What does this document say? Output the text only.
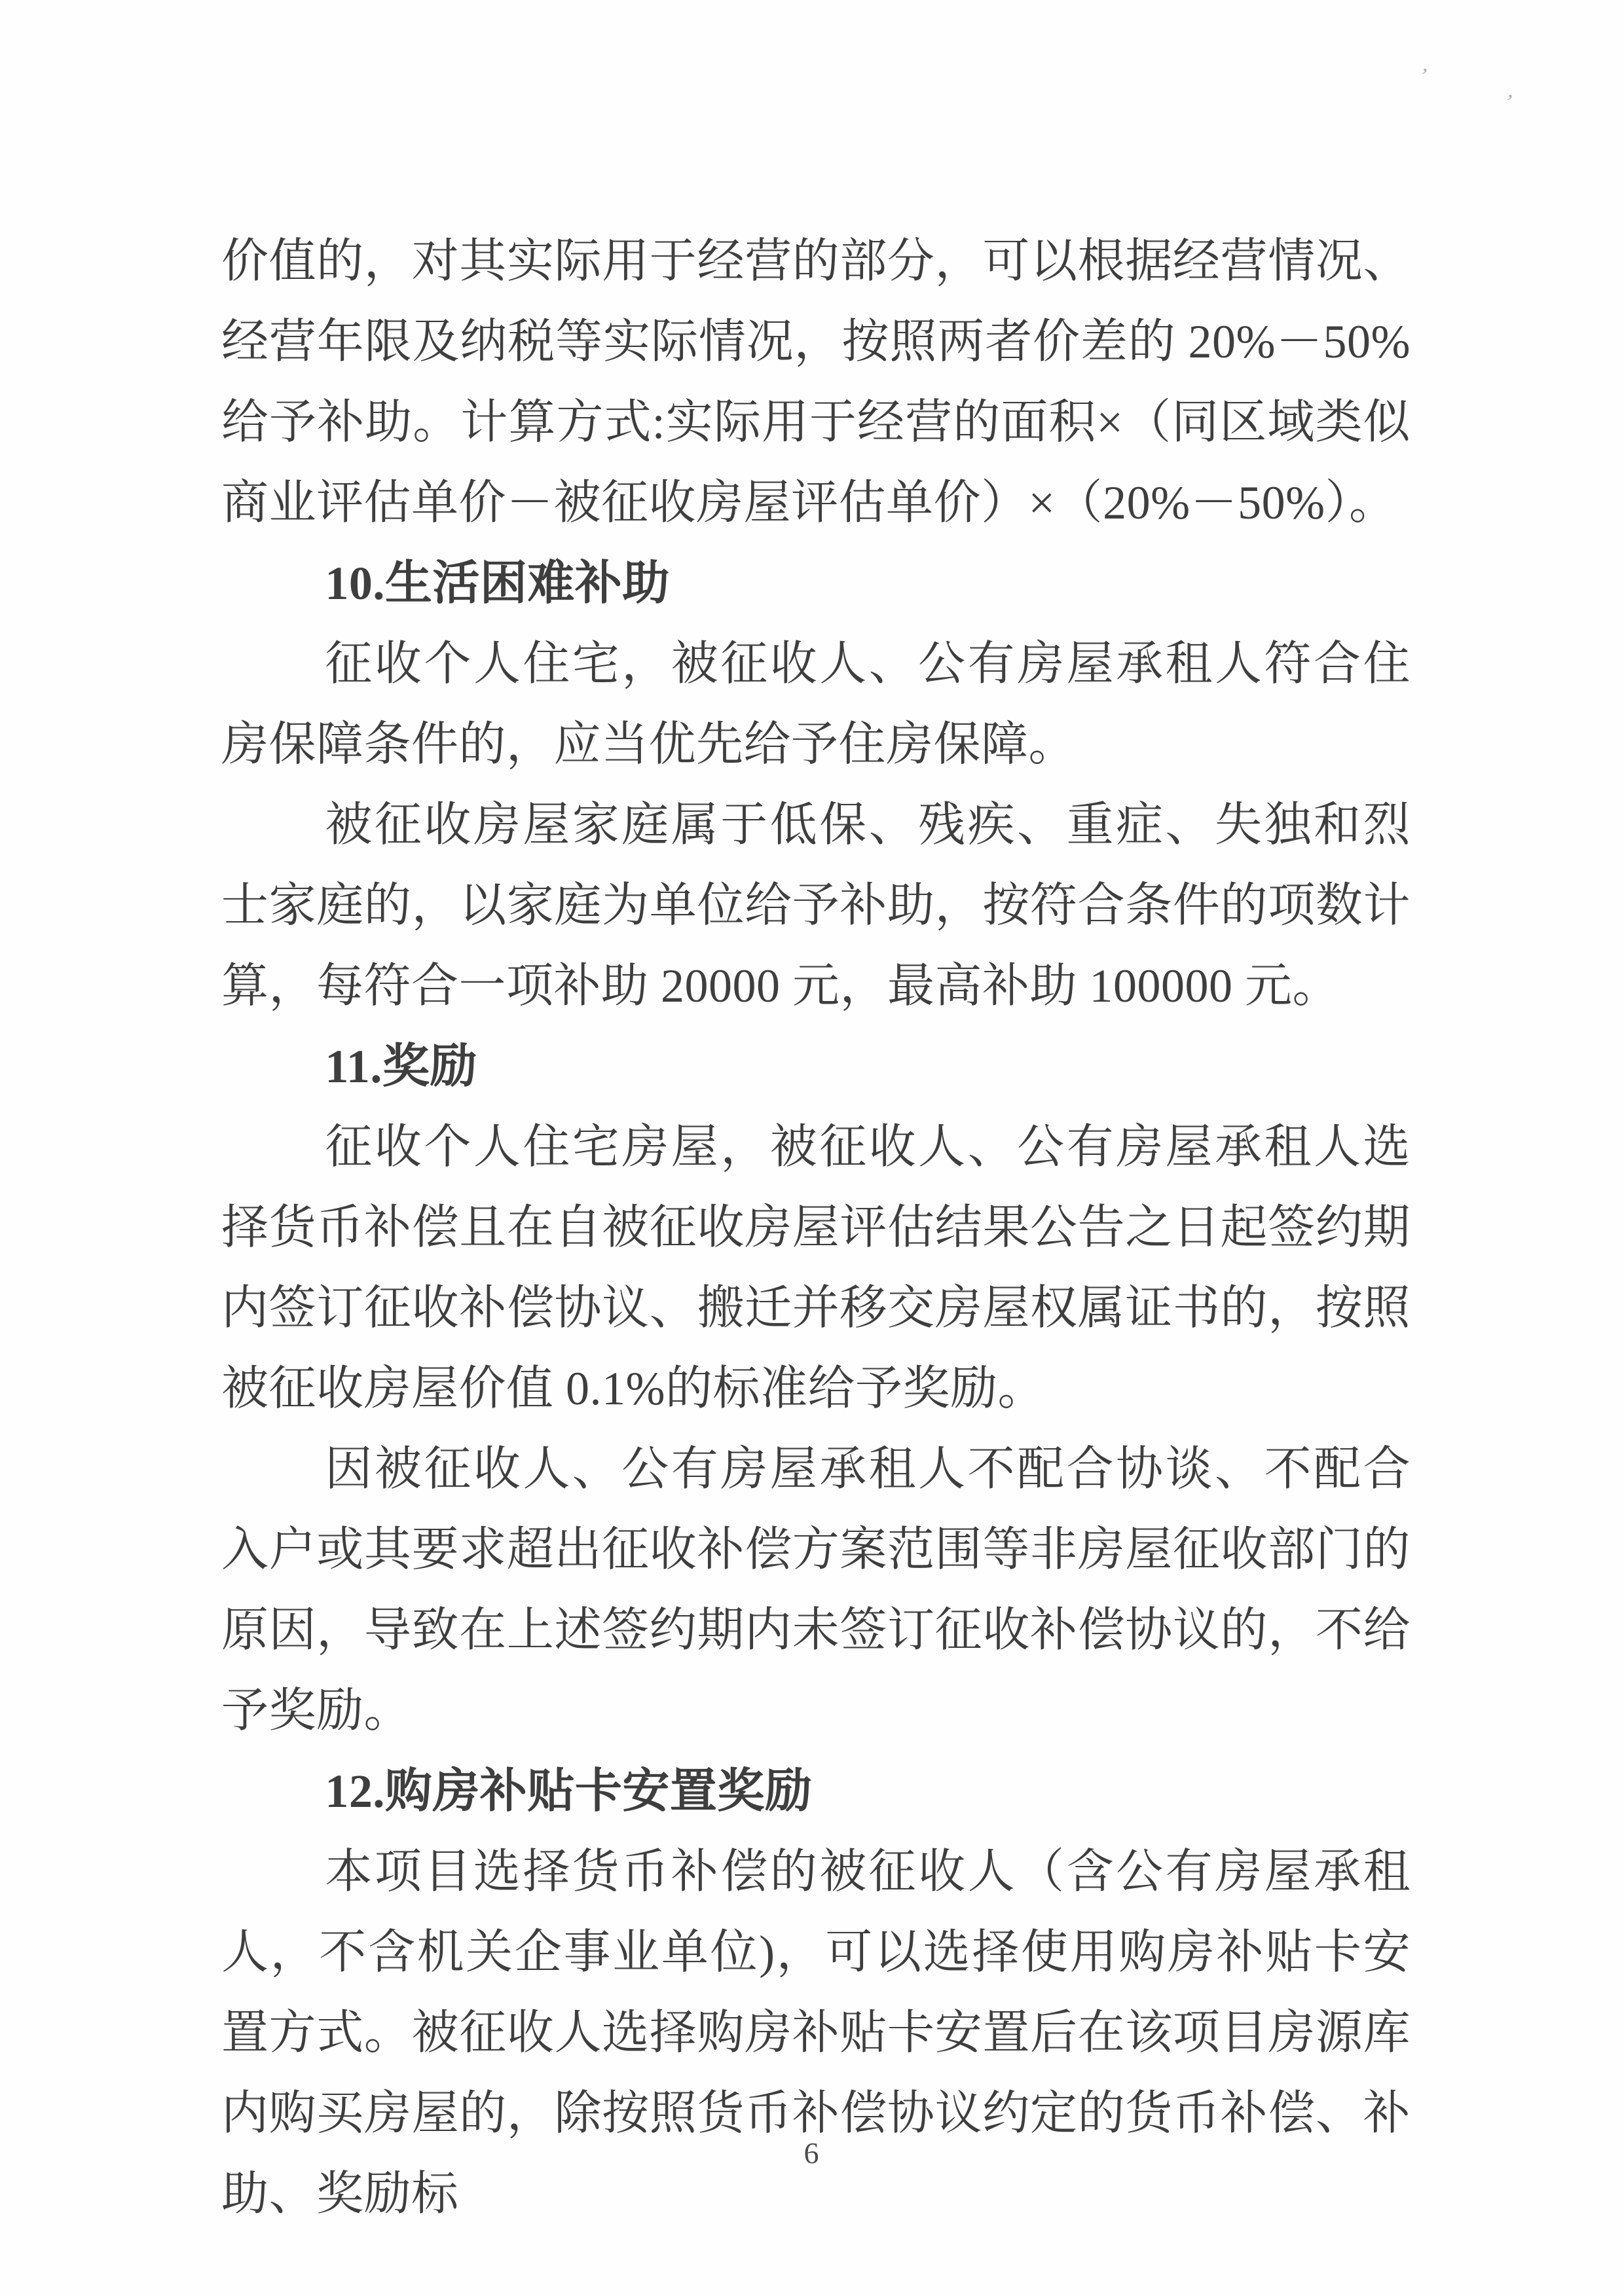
ʼ
ʼ

价值的，对其实际用于经营的部分，可以根据经营情况、经营年限及纳税等实际情况，按照两者价差的 20%－50%给予补助。计算方式:实际用于经营的面积×（同区域类似商业评估单价－被征收房屋评估单价）×（20%－50%）。

10.生活困难补助

征收个人住宅，被征收人、公有房屋承租人符合住房保障条件的，应当优先给予住房保障。

被征收房屋家庭属于低保、残疾、重症、失独和烈士家庭的，以家庭为单位给予补助，按符合条件的项数计算，每符合一项补助 20000 元，最高补助 100000 元。

11.奖励

征收个人住宅房屋，被征收人、公有房屋承租人选择货币补偿且在自被征收房屋评估结果公告之日起签约期内签订征收补偿协议、搬迁并移交房屋权属证书的，按照被征收房屋价值 0.1%的标准给予奖励。

因被征收人、公有房屋承租人不配合协谈、不配合入户或其要求超出征收补偿方案范围等非房屋征收部门的原因，导致在上述签约期内未签订征收补偿协议的，不给予奖励。

12.购房补贴卡安置奖励

本项目选择货币补偿的被征收人（含公有房屋承租人，不含机关企事业单位)，可以选择使用购房补贴卡安置方式。被征收人选择购房补贴卡安置后在该项目房源库内购买房屋的，除按照货币补偿协议约定的货币补偿、补助、奖励标

6
